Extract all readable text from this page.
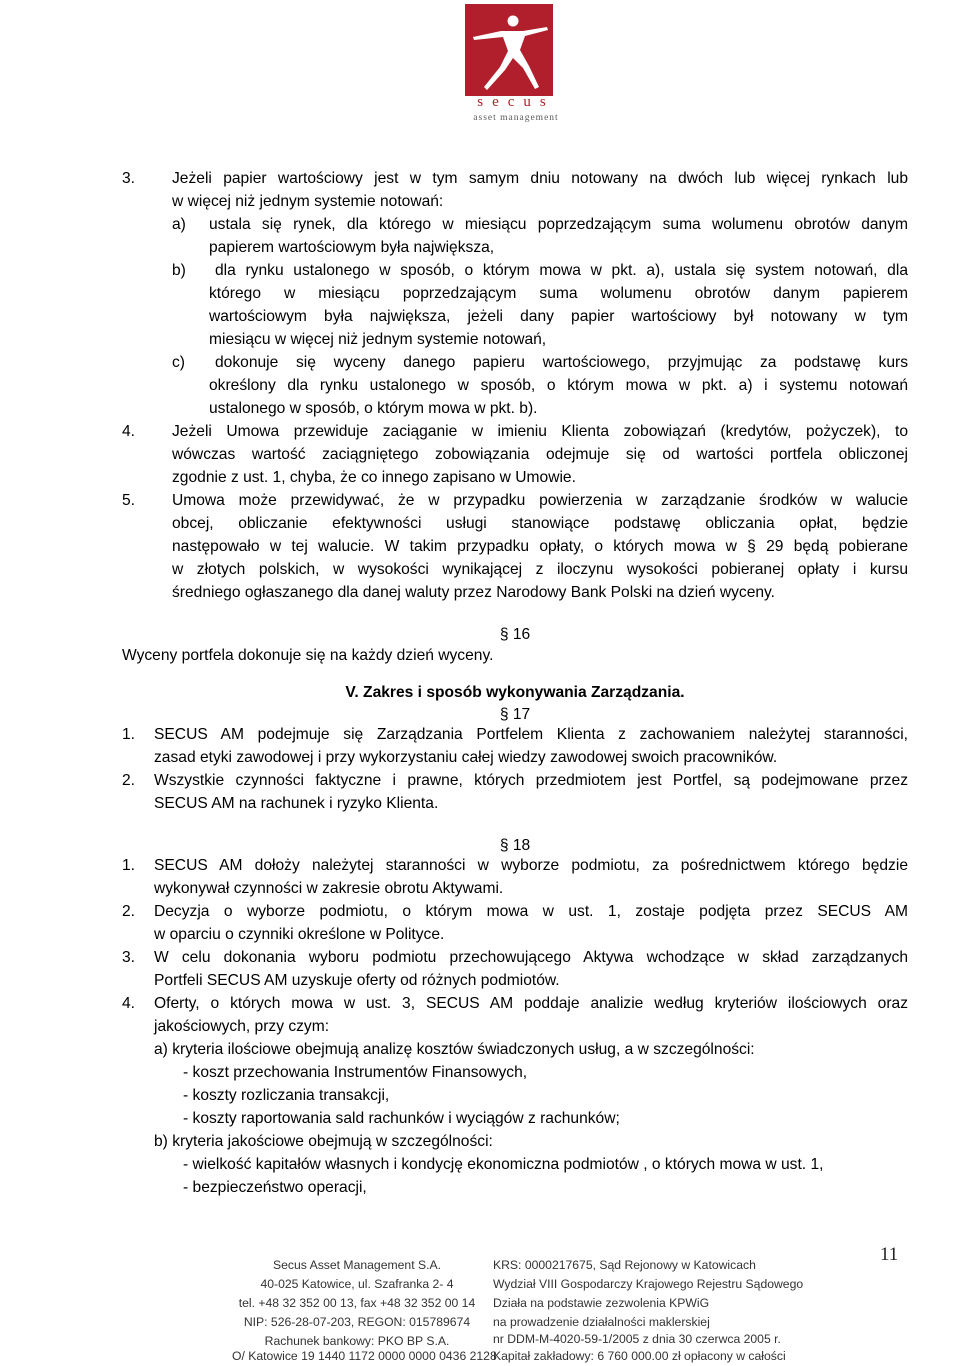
secus
asset management
3. Jeżeli papier wartościowy jest w tym samym dniu notowany na dwóch lub więcej rynkach lub
w więcej niż jednym systemie notowań:
a) ustala się rynek, dla którego w miesiącu poprzedzającym suma wolumenu obrotów danym
papierem wartościowym była największa,
b) dla rynku ustalonego w sposób, o którym mowa w pkt. a), ustala się system notowań, dla
którego w miesiącu poprzedzającym suma wolumenu obrotów danym papierem
wartościowym była największa, jeżeli dany papier wartościowy był notowany w tym
miesiącu w więcej niż jednym systemie notowań,
c) dokonuje się wyceny danego papieru wartościowego, przyjmując za podstawę kurs
określony dla rynku ustalonego w sposób, o którym mowa w pkt. a) i systemu notowań
ustalonego w sposób, o którym mowa w pkt. b).
4. Jeżeli Umowa przewiduje zaciąganie w imieniu Klienta zobowiązań (kredytów, pożyczek), to
wówczas wartość zaciągniętego zobowiązania odejmuje się od wartości portfela obliczonej
zgodnie z ust. 1, chyba, że co innego zapisano w Umowie.
5. Umowa może przewidywać, że w przypadku powierzenia w zarządzanie środków w walucie
obcej, obliczanie efektywności usługi stanowiące podstawę obliczania opłat, będzie
następowało w tej walucie. W takim przypadku opłaty, o których mowa w § 29 będą pobierane
w złotych polskich, w wysokości wynikającej z iloczynu wysokości pobieranej opłaty i kursu
średniego ogłaszanego dla danej waluty przez Narodowy Bank Polski na dzień wyceny.
§ 16
Wyceny portfela dokonuje się na każdy dzień wyceny.
V. Zakres i sposób wykonywania Zarządzania.
§ 17
1. SECUS AM podejmuje się Zarządzania Portfelem Klienta z zachowaniem należytej staranności,
zasad etyki zawodowej i przy wykorzystaniu całej wiedzy zawodowej swoich pracowników.
2. Wszystkie czynności faktyczne i prawne, których przedmiotem jest Portfel, są podejmowane przez
SECUS AM na rachunek i ryzyko Klienta.
§ 18
1. SECUS AM dołoży należytej staranności w wyborze podmiotu, za pośrednictwem którego będzie
wykonywał czynności w zakresie obrotu Aktywami.
2. Decyzja o wyborze podmiotu, o którym mowa w ust. 1, zostaje podjęta przez SECUS AM
w oparciu o czynniki określone w Polityce.
3. W celu dokonania wyboru podmiotu przechowującego Aktywa wchodzące w skład zarządzanych
Portfeli SECUS AM uzyskuje oferty od różnych podmiotów.
4. Oferty, o których mowa w ust. 3, SECUS AM poddaje analizie według kryteriów ilościowych oraz
jakościowych, przy czym:
a) kryteria ilościowe obejmują analizę kosztów świadczonych usług, a w szczególności:
- koszt przechowania Instrumentów Finansowych,
- koszty rozliczania transakcji,
- koszty raportowania sald rachunków i wyciągów z rachunków;
b) kryteria jakościowe obejmują w szczególności:
- wielkość kapitałów własnych i kondycję ekonomiczna podmiotów , o których mowa w ust. 1,
- bezpieczeństwo operacji,
Secus Asset Management S.A.
40-025 Katowice, ul. Szafranka 2- 4
tel. +48 32 352 00 13, fax +48 32 352 00 14
NIP: 526-28-07-203, REGON: 015789674
Rachunek bankowy: PKO BP S.A.
O/ Katowice 19 1440 1172 0000 0000 0436 2128
KRS: 0000217675, Sąd Rejonowy w Katowicach
Wydział VIII Gospodarczy Krajowego Rejestru Sądowego
Działa na podstawie zezwolenia KPWiG
na prowadzenie działalności maklerskiej
nr DDM-M-4020-59-1/2005 z dnia 30 czerwca 2005 r.
Kapitał zakładowy: 6 760 000.00 zł opłacony w całości
11
